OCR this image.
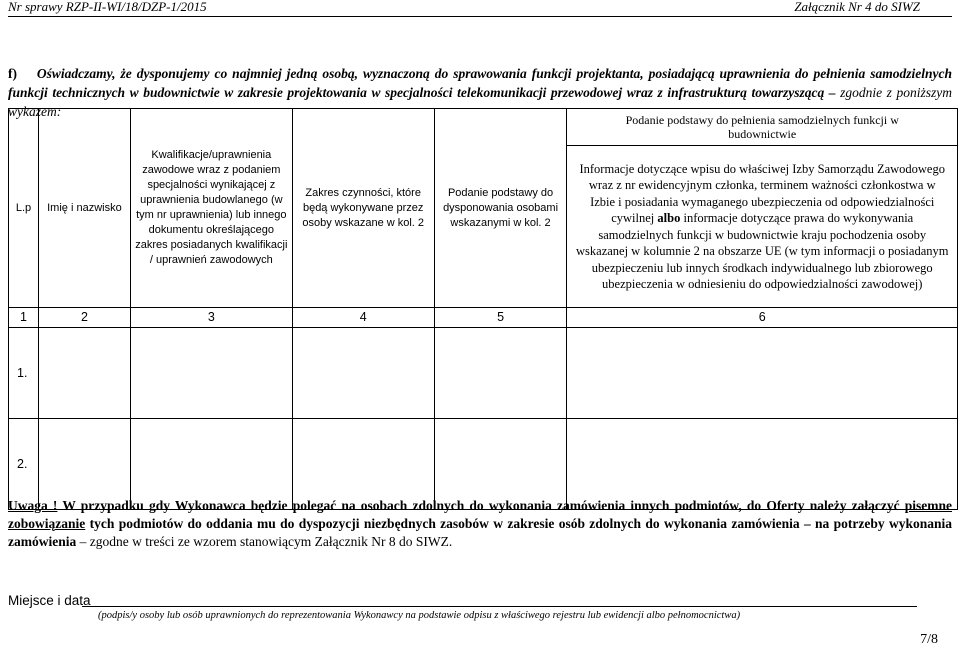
Nr sprawy RZP-II-WI/18/DZP-1/2015	Załącznik Nr 4 do SIWZ
f) Oświadczamy, że dysponujemy co najmniej jedną osobą, wyznaczoną do sprawowania funkcji projektanta, posiadającą uprawnienia do pełnienia samodzielnych funkcji technicznych w budownictwie w zakresie projektowania w specjalności telekomunikacji przewodowej wraz z infrastrukturą towarzyszącą – zgodnie z poniższym wykazem:
L.p	Imię i nazwisko	Kwalifikacje/uprawnienia zawodowe wraz z podaniem specjalności wynikającej z uprawnienia budowlanego (w tym nr uprawnienia) lub innego dokumentu określającego zakres posiadanych kwalifikacji / uprawnień zawodowych	Zakres czynności, które będą wykonywane przez osoby wskazane w kol. 2	Podanie podstawy do dysponowania osobami wskazanymi w kol. 2	Podanie podstawy do pełnienia samodzielnych funkcji w budownictwie
					Informacje dotyczące wpisu do właściwej Izby Samorządu Zawodowego wraz z nr ewidencyjnym członka, terminem ważności członkostwa w Izbie i posiadania wymaganego ubezpieczenia od odpowiedzialności cywilnej albo informacje dotyczące prawa do wykonywania samodzielnych funkcji w budownictwie kraju pochodzenia osoby wskazanej w kolumnie 2 na obszarze UE (w tym informacji o posiadanym ubezpieczeniu lub innych środkach indywidualnego lub zbiorowego ubezpieczenia w odniesieniu do odpowiedzialności zawodowej)
1	2	3	4	5	6
1.					
2.					
Uwaga ! W przypadku gdy Wykonawca będzie polegać na osobach zdolnych do wykonania zamówienia innych podmiotów, do Oferty należy załączyć pisemne zobowiązanie tych podmiotów do oddania mu do dyspozycji niezbędnych zasobów w zakresie osób zdolnych do wykonania zamówienia – na potrzeby wykonania zamówienia – zgodne w treści ze wzorem stanowiącym Załącznik Nr 8 do SIWZ.
Miejsce i data
(podpis/y osoby lub osób uprawnionych do reprezentowania Wykonawcy na podstawie odpisu z właściwego rejestru lub ewidencji albo pełnomocnictwa)
7/8
